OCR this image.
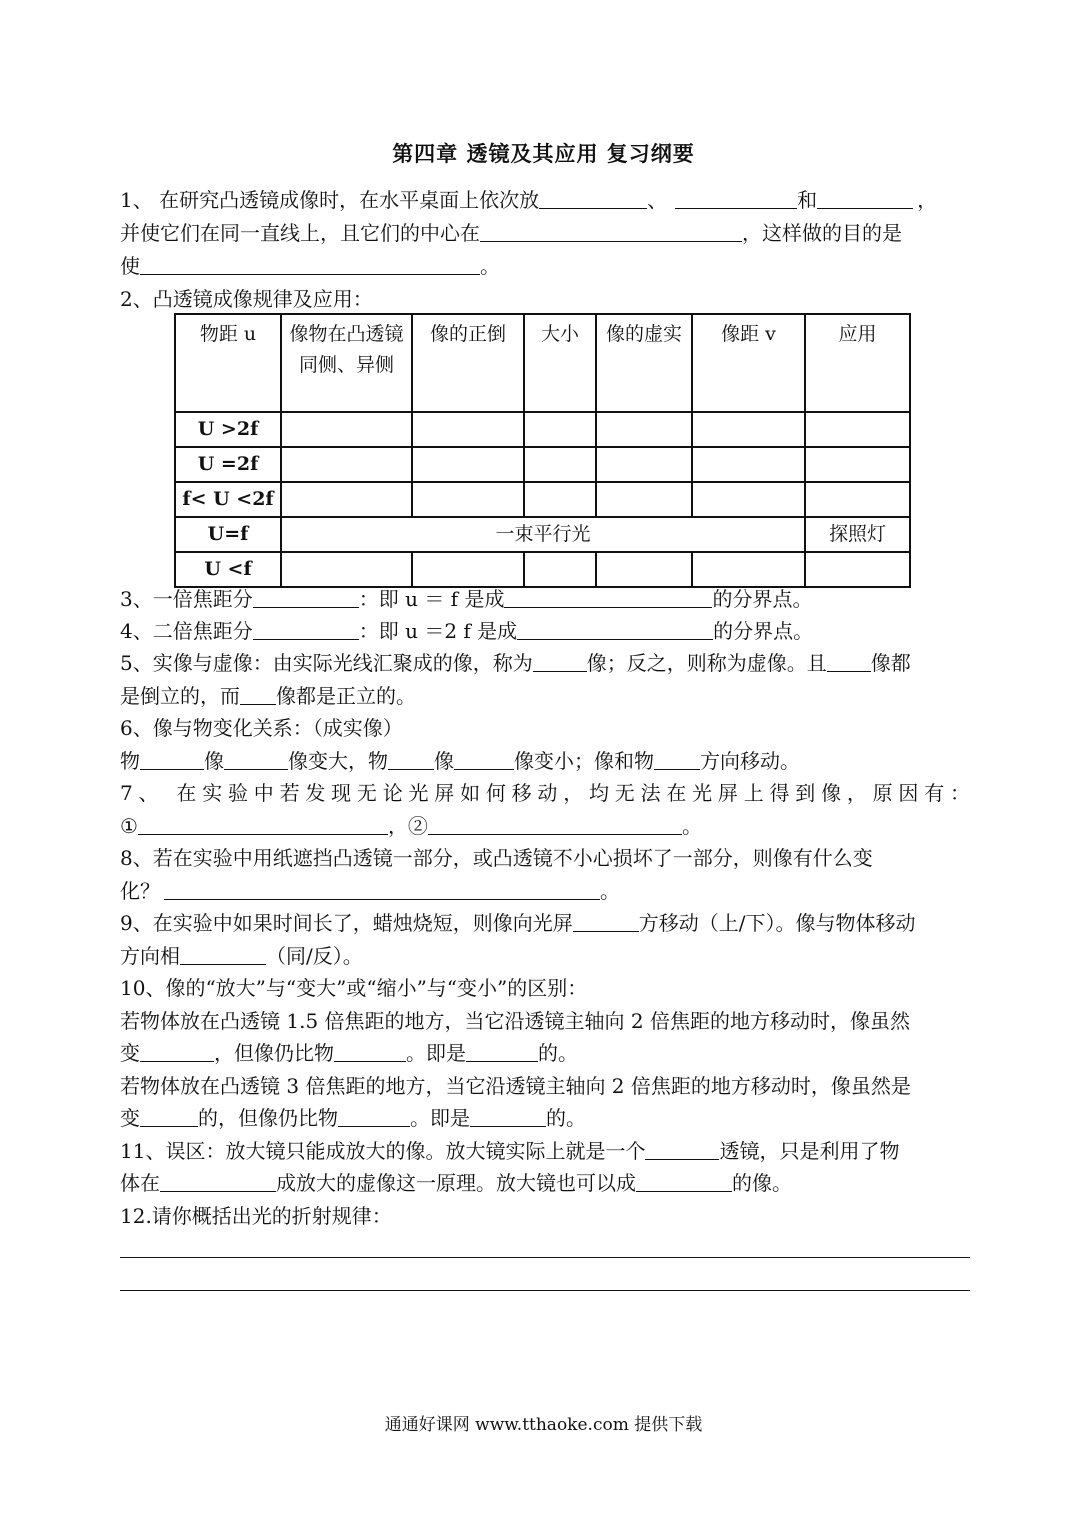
第四章 透镜及其应用 复习纲要
1、 在研究凸透镜成像时，在水平桌面上依次放	、	和	，
并使它们在同一直线上，且它们的中心在	，这样做的目的是
使	。
2、凸透镜成像规律及应用：
物距 u	像物在凸透镜同侧、异侧	像的正倒	大小	像的虚实	像距 v	应用
U >2f						
U =2f						
f< U <2f						
U=f	一束平行光					探照灯
U <f						
3、一倍焦距分	：即 u ＝ f 是成	的分界点。
4、二倍焦距分	：即 u ＝2 f 是成	的分界点。
5、实像与虚像：由实际光线汇聚成的像，称为	像；反之，则称为虚像。且 像都
是倒立的，而 像都是正立的。
6、像与物变化关系：（成实像）
物	像	像变大，物 像	像变小；像和物 方向移动。
7、 在实验中若发现无论光屏如何移动，均无法在光屏上得到像，原因有：
①	，②	。
8、若在实验中用纸遮挡凸透镜一部分，或凸透镜不小心损坏了一部分，则像有什么变
化？	。
9、在实验中如果时间长了，蜡烛烧短，则像向光屏	方移动（上/下）。像与物体移动
方向相	（同/反）。
10、像的“放大”与“变大”或“缩小”与“变小”的区别：
若物体放在凸透镜 1.5 倍焦距的地方，当它沿透镜主轴向 2 倍焦距的地方移动时，像虽然
变	，但像仍比物	。即是	的。
若物体放在凸透镜 3 倍焦距的地方，当它沿透镜主轴向 2 倍焦距的地方移动时，像虽然是
变	的，但像仍比物	。即是	的。
11、误区：放大镜只能成放大的像。放大镜实际上就是一个	透镜，只是利用了物
体在	成放大的虚像这一原理。放大镜也可以成	的像。
12.请你概括出光的折射规律：
通通好课网 www.tthaoke.com 提供下载
